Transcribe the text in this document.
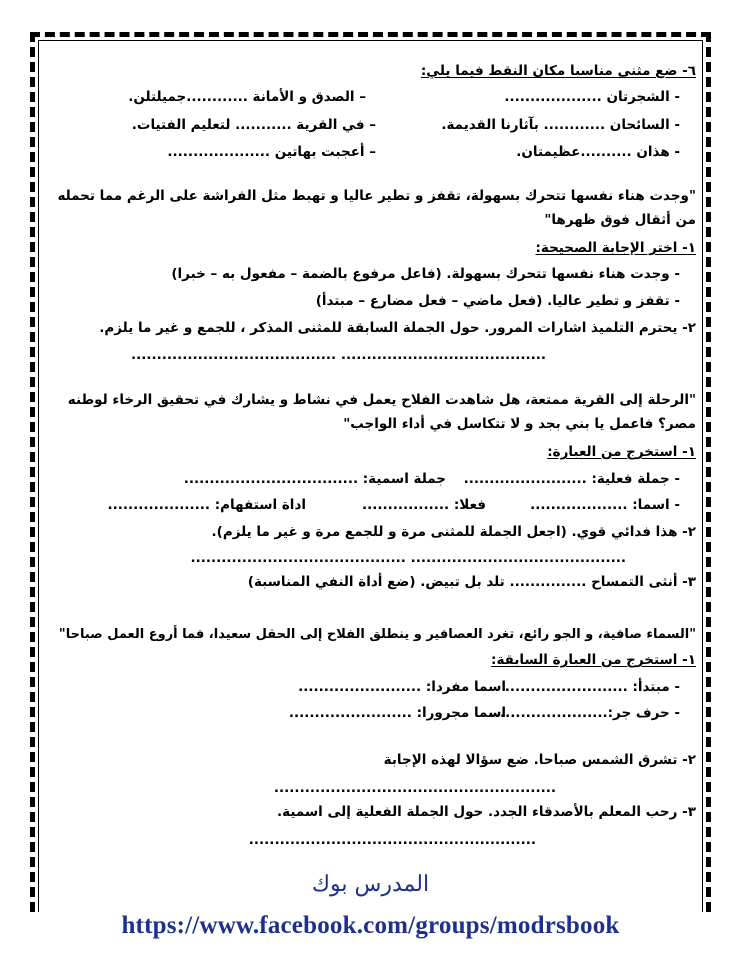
٦- ضع مثنى مناسبا مكان النقط فيما يلي:
- الشجرتان ...................
– الصدق و الأمانة ............جميلتلن.
- السائحان ............ بآثارنا القديمة.
– في القرية ........... لتعليم الفتيات.
- هذان ..........عظيمتان.
– أعجبت بهاتين ....................
"وجدت هناء نفسها تتحرك بسهولة، تقفز و تطير عاليا و تهبط مثل الفراشة على الرغم مما تحمله من أثقال فوق ظهرها"
١- اختر الإجابة الصحيحة:
- وجدت هناء نفسها تتحرك بسهولة. (فاعل مرفوع بالضمة – مفعول به – خبرا)
- تقفز و تطير عاليا. (فعل ماضي – فعل مضارع – مبتدأ)
٢- يحترم التلميذ اشارات المرور. حول الجملة السابقة للمثنى المذكر ، للجمع و غير ما يلزم.
........................................ ........................................
"الرحلة إلى القرية ممتعة، هل شاهدت الفلاح يعمل في نشاط و يشارك في تحقيق الرخاء لوطنه مصر؟ فاعمل يا بني بجد و لا تتكاسل في أداء الواجب"
١- استخرج من العبارة:
- جملة فعلية: ........................
جملة اسمية: ..................................
- اسما: ...................
فعلا: .................
اداة استفهام: ....................
٢- هذا فدائي قوي. (اجعل الجملة للمثنى مرة و للجمع مرة و غير ما يلزم).
.......................................... ..........................................
٣- أنثى التمساح ............... تلد بل تبيض. (ضع أداة النفي المناسبة)
"السماء صافية، و الجو رائع، تغرد العصافير و ينطلق الفلاح إلى الحقل سعيدا، فما أروع العمل صباحا"
١- استخرج من العبارة السابقة:
- مبتدأ: ........................
اسما مفردا: ........................
- حرف جر:.......................
اسما مجرورا: ........................
٢- تشرق الشمس صباحا. ضع سؤالا لهذه الإجابة
.......................................................
٣- رحب المعلم بالأصدقاء الجدد. حول الجملة الفعلية إلى اسمية.
........................................................
المدرس بوك
https://www.facebook.com/groups/modrsbook
